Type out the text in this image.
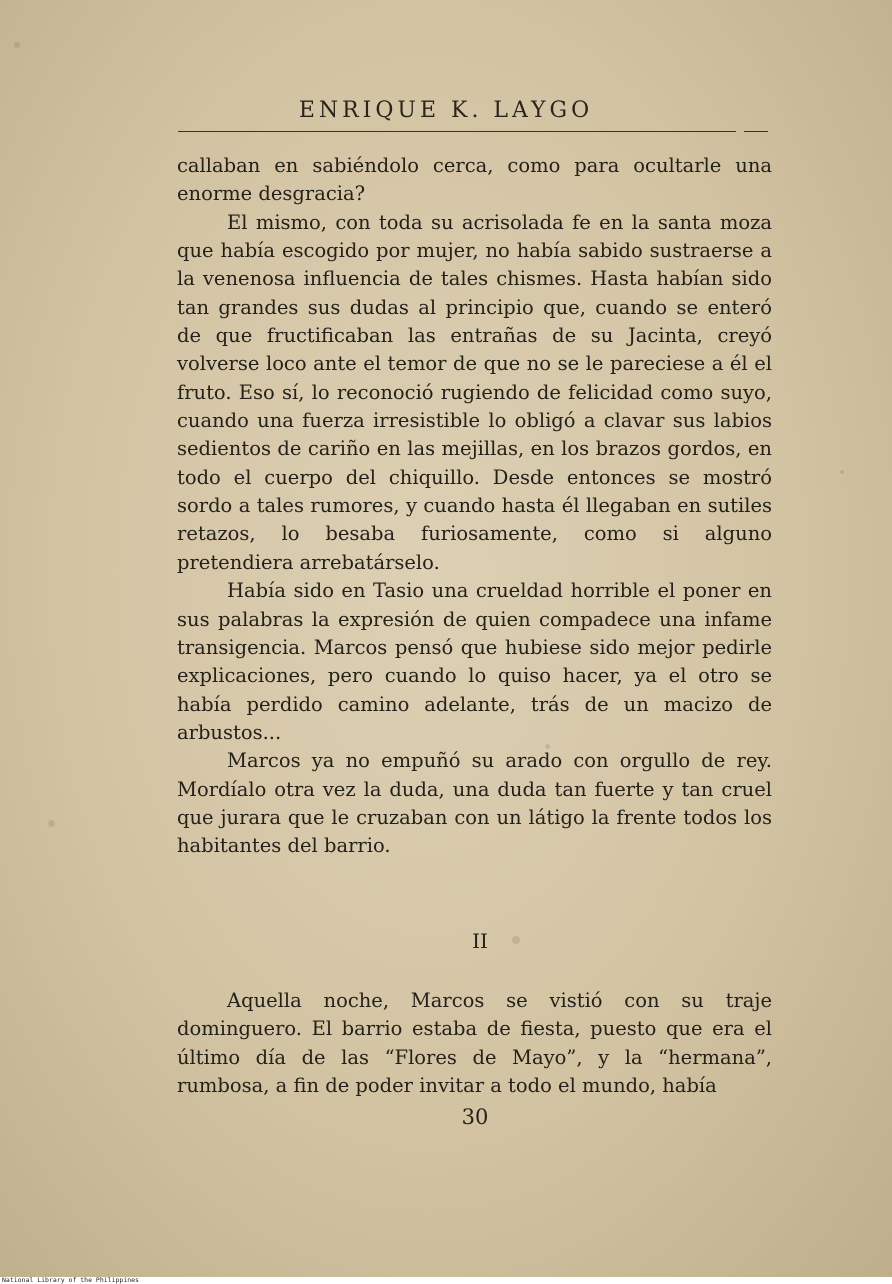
ENRIQUE K. LAYGO

callaban en sabiéndolo cerca, como para ocultarle una enorme desgracia?

El mismo, con toda su acrisolada fe en la santa moza que había escogido por mujer, no había sabido sustraerse a la venenosa influencia de tales chismes. Hasta habían sido tan grandes sus dudas al principio que, cuando se enteró de que fructificaban las entrañas de su Jacinta, creyó volverse loco ante el temor de que no se le pareciese a él el fruto. Eso sí, lo reconoció rugiendo de felicidad como suyo, cuando una fuerza irresistible lo obligó a clavar sus labios sedientos de cariño en las mejillas, en los brazos gordos, en todo el cuerpo del chiquillo. Desde entonces se mostró sordo a tales rumores, y cuando hasta él llegaban en sutiles retazos, lo besaba furiosamente, como si alguno pretendiera arrebatárselo.

Había sido en Tasio una crueldad horrible el poner en sus palabras la expresión de quien compadece una infame transigencia. Marcos pensó que hubiese sido mejor pedirle explicaciones, pero cuando lo quiso hacer, ya el otro se había perdido camino adelante, trás de un macizo de arbustos...

Marcos ya no empuñó su arado con orgullo de rey. Mordíalo otra vez la duda, una duda tan fuerte y tan cruel que jurara que le cruzaban con un látigo la frente todos los habitantes del barrio.

II

Aquella noche, Marcos se vistió con su traje dominguero. El barrio estaba de fiesta, puesto que era el último día de las “Flores de Mayo”, y la “hermana”, rumbosa, a fin de poder invitar a todo el mundo, había

30
National Library of the Philippines
